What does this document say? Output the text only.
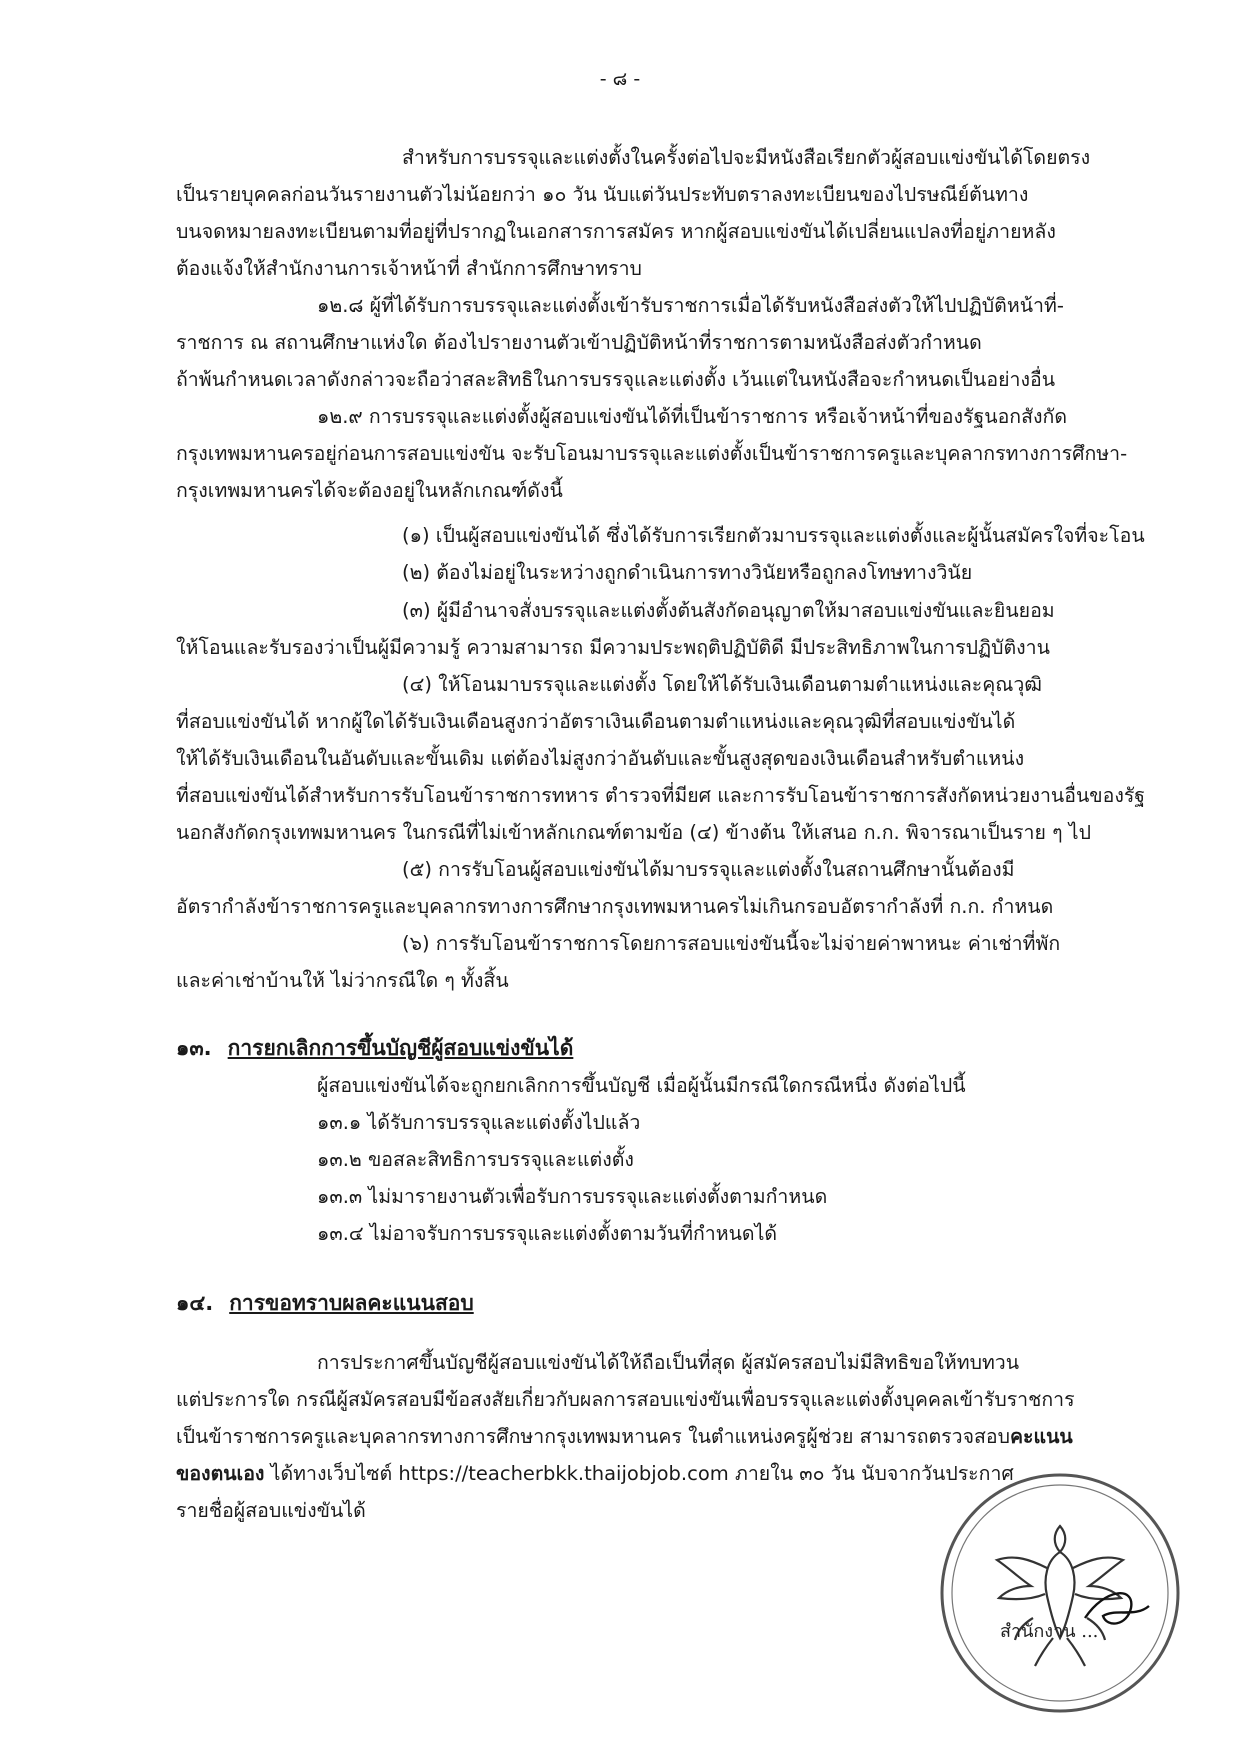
- ๘ -
สำหรับการบรรจุและแต่งตั้งในครั้งต่อไปจะมีหนังสือเรียกตัวผู้สอบแข่งขันได้โดยตรง
เป็นรายบุคคลก่อนวันรายงานตัวไม่น้อยกว่า ๑๐ วัน นับแต่วันประทับตราลงทะเบียนของไปรษณีย์ต้นทาง
บนจดหมายลงทะเบียนตามที่อยู่ที่ปรากฏในเอกสารการสมัคร หากผู้สอบแข่งขันได้เปลี่ยนแปลงที่อยู่ภายหลัง
ต้องแจ้งให้สำนักงานการเจ้าหน้าที่ สำนักการศึกษาทราบ
๑๒.๘ ผู้ที่ได้รับการบรรจุและแต่งตั้งเข้ารับราชการเมื่อได้รับหนังสือส่งตัวให้ไปปฏิบัติหน้าที่-
ราชการ ณ สถานศึกษาแห่งใด ต้องไปรายงานตัวเข้าปฏิบัติหน้าที่ราชการตามหนังสือส่งตัวกำหนด
ถ้าพ้นกำหนดเวลาดังกล่าวจะถือว่าสละสิทธิในการบรรจุและแต่งตั้ง เว้นแต่ในหนังสือจะกำหนดเป็นอย่างอื่น
๑๒.๙ การบรรจุและแต่งตั้งผู้สอบแข่งขันได้ที่เป็นข้าราชการ หรือเจ้าหน้าที่ของรัฐนอกสังกัด
กรุงเทพมหานครอยู่ก่อนการสอบแข่งขัน จะรับโอนมาบรรจุและแต่งตั้งเป็นข้าราชการครูและบุคลากรทางการศึกษา-
กรุงเทพมหานครได้จะต้องอยู่ในหลักเกณฑ์ดังนี้
(๑) เป็นผู้สอบแข่งขันได้ ซึ่งได้รับการเรียกตัวมาบรรจุและแต่งตั้งและผู้นั้นสมัครใจที่จะโอน
(๒) ต้องไม่อยู่ในระหว่างถูกดำเนินการทางวินัยหรือถูกลงโทษทางวินัย
(๓) ผู้มีอำนาจสั่งบรรจุและแต่งตั้งต้นสังกัดอนุญาตให้มาสอบแข่งขันและยินยอม
ให้โอนและรับรองว่าเป็นผู้มีความรู้ ความสามารถ มีความประพฤติปฏิบัติดี มีประสิทธิภาพในการปฏิบัติงาน
(๔) ให้โอนมาบรรจุและแต่งตั้ง โดยให้ได้รับเงินเดือนตามตำแหน่งและคุณวุฒิ
ที่สอบแข่งขันได้ หากผู้ใดได้รับเงินเดือนสูงกว่าอัตราเงินเดือนตามตำแหน่งและคุณวุฒิที่สอบแข่งขันได้
ให้ได้รับเงินเดือนในอันดับและขั้นเดิม แต่ต้องไม่สูงกว่าอันดับและขั้นสูงสุดของเงินเดือนสำหรับตำแหน่ง
ที่สอบแข่งขันได้สำหรับการรับโอนข้าราชการทหาร ตำรวจที่มียศ และการรับโอนข้าราชการสังกัดหน่วยงานอื่นของรัฐ
นอกสังกัดกรุงเทพมหานคร ในกรณีที่ไม่เข้าหลักเกณฑ์ตามข้อ (๔) ข้างต้น ให้เสนอ ก.ก. พิจารณาเป็นราย ๆ ไป
(๕) การรับโอนผู้สอบแข่งขันได้มาบรรจุและแต่งตั้งในสถานศึกษานั้นต้องมี
อัตรากำลังข้าราชการครูและบุคลากรทางการศึกษากรุงเทพมหานครไม่เกินกรอบอัตรากำลังที่ ก.ก. กำหนด
(๖) การรับโอนข้าราชการโดยการสอบแข่งขันนี้จะไม่จ่ายค่าพาหนะ ค่าเช่าที่พัก
และค่าเช่าบ้านให้ ไม่ว่ากรณีใด ๆ ทั้งสิ้น
๑๓. การยกเลิกการขึ้นบัญชีผู้สอบแข่งขันได้
ผู้สอบแข่งขันได้จะถูกยกเลิกการขึ้นบัญชี เมื่อผู้นั้นมีกรณีใดกรณีหนึ่ง ดังต่อไปนี้
๑๓.๑ ได้รับการบรรจุและแต่งตั้งไปแล้ว
๑๓.๒ ขอสละสิทธิการบรรจุและแต่งตั้ง
๑๓.๓ ไม่มารายงานตัวเพื่อรับการบรรจุและแต่งตั้งตามกำหนด
๑๓.๔ ไม่อาจรับการบรรจุและแต่งตั้งตามวันที่กำหนดได้
๑๔. การขอทราบผลคะแนนสอบ
การประกาศขึ้นบัญชีผู้สอบแข่งขันได้ให้ถือเป็นที่สุด ผู้สมัครสอบไม่มีสิทธิขอให้ทบทวน
แต่ประการใด กรณีผู้สมัครสอบมีข้อสงสัยเกี่ยวกับผลการสอบแข่งขันเพื่อบรรจุและแต่งตั้งบุคคลเข้ารับราชการ
เป็นข้าราชการครูและบุคลากรทางการศึกษากรุงเทพมหานคร ในตำแหน่งครูผู้ช่วย สามารถตรวจสอบคะแนน
ของตนเอง ได้ทางเว็บไซต์ https://teacherbkk.thaijobjob.com ภายใน ๓๐ วัน นับจากวันประกาศ
รายชื่อผู้สอบแข่งขันได้
สำนักงาน ...
